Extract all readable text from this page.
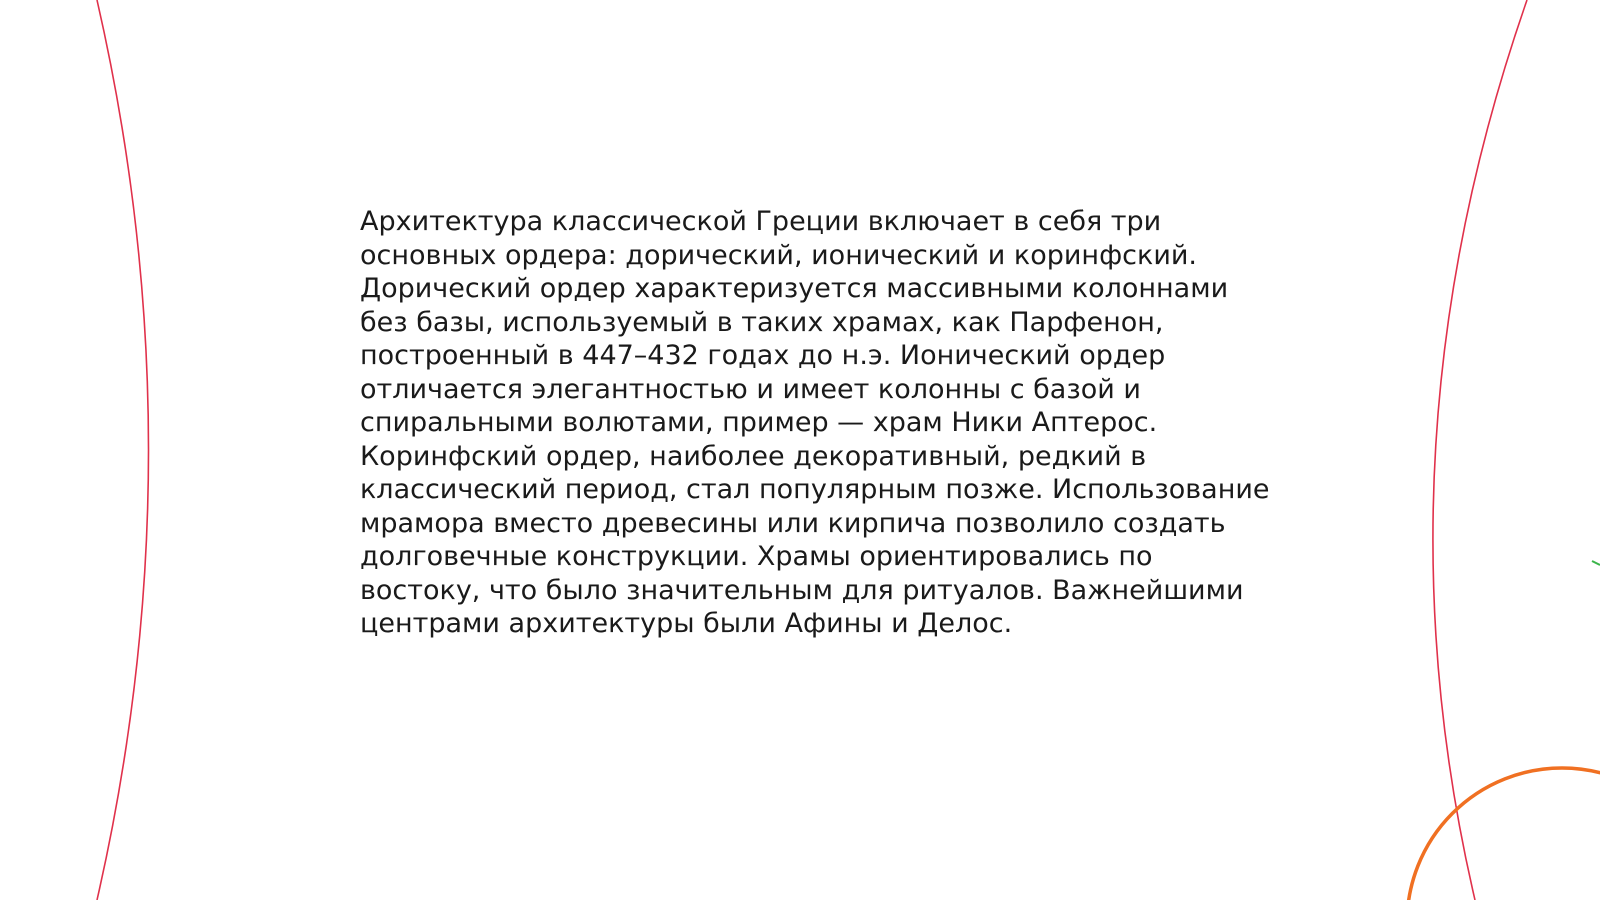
Архитектура классической Греции включает в себя три
основных ордера: дорический, ионический и коринфский.
Дорический ордер характеризуется массивными колоннами
без базы, используемый в таких храмах, как Парфенон,
построенный в 447–432 годах до н.э. Ионический ордер
отличается элегантностью и имеет колонны с базой и
спиральными волютами, пример — храм Ники Аптерос.
Коринфский ордер, наиболее декоративный, редкий в
классический период, стал популярным позже. Использование
мрамора вместо древесины или кирпича позволило создать
долговечные конструкции. Храмы ориентировались по
востоку, что было значительным для ритуалов. Важнейшими
центрами архитектуры были Афины и Делос.
